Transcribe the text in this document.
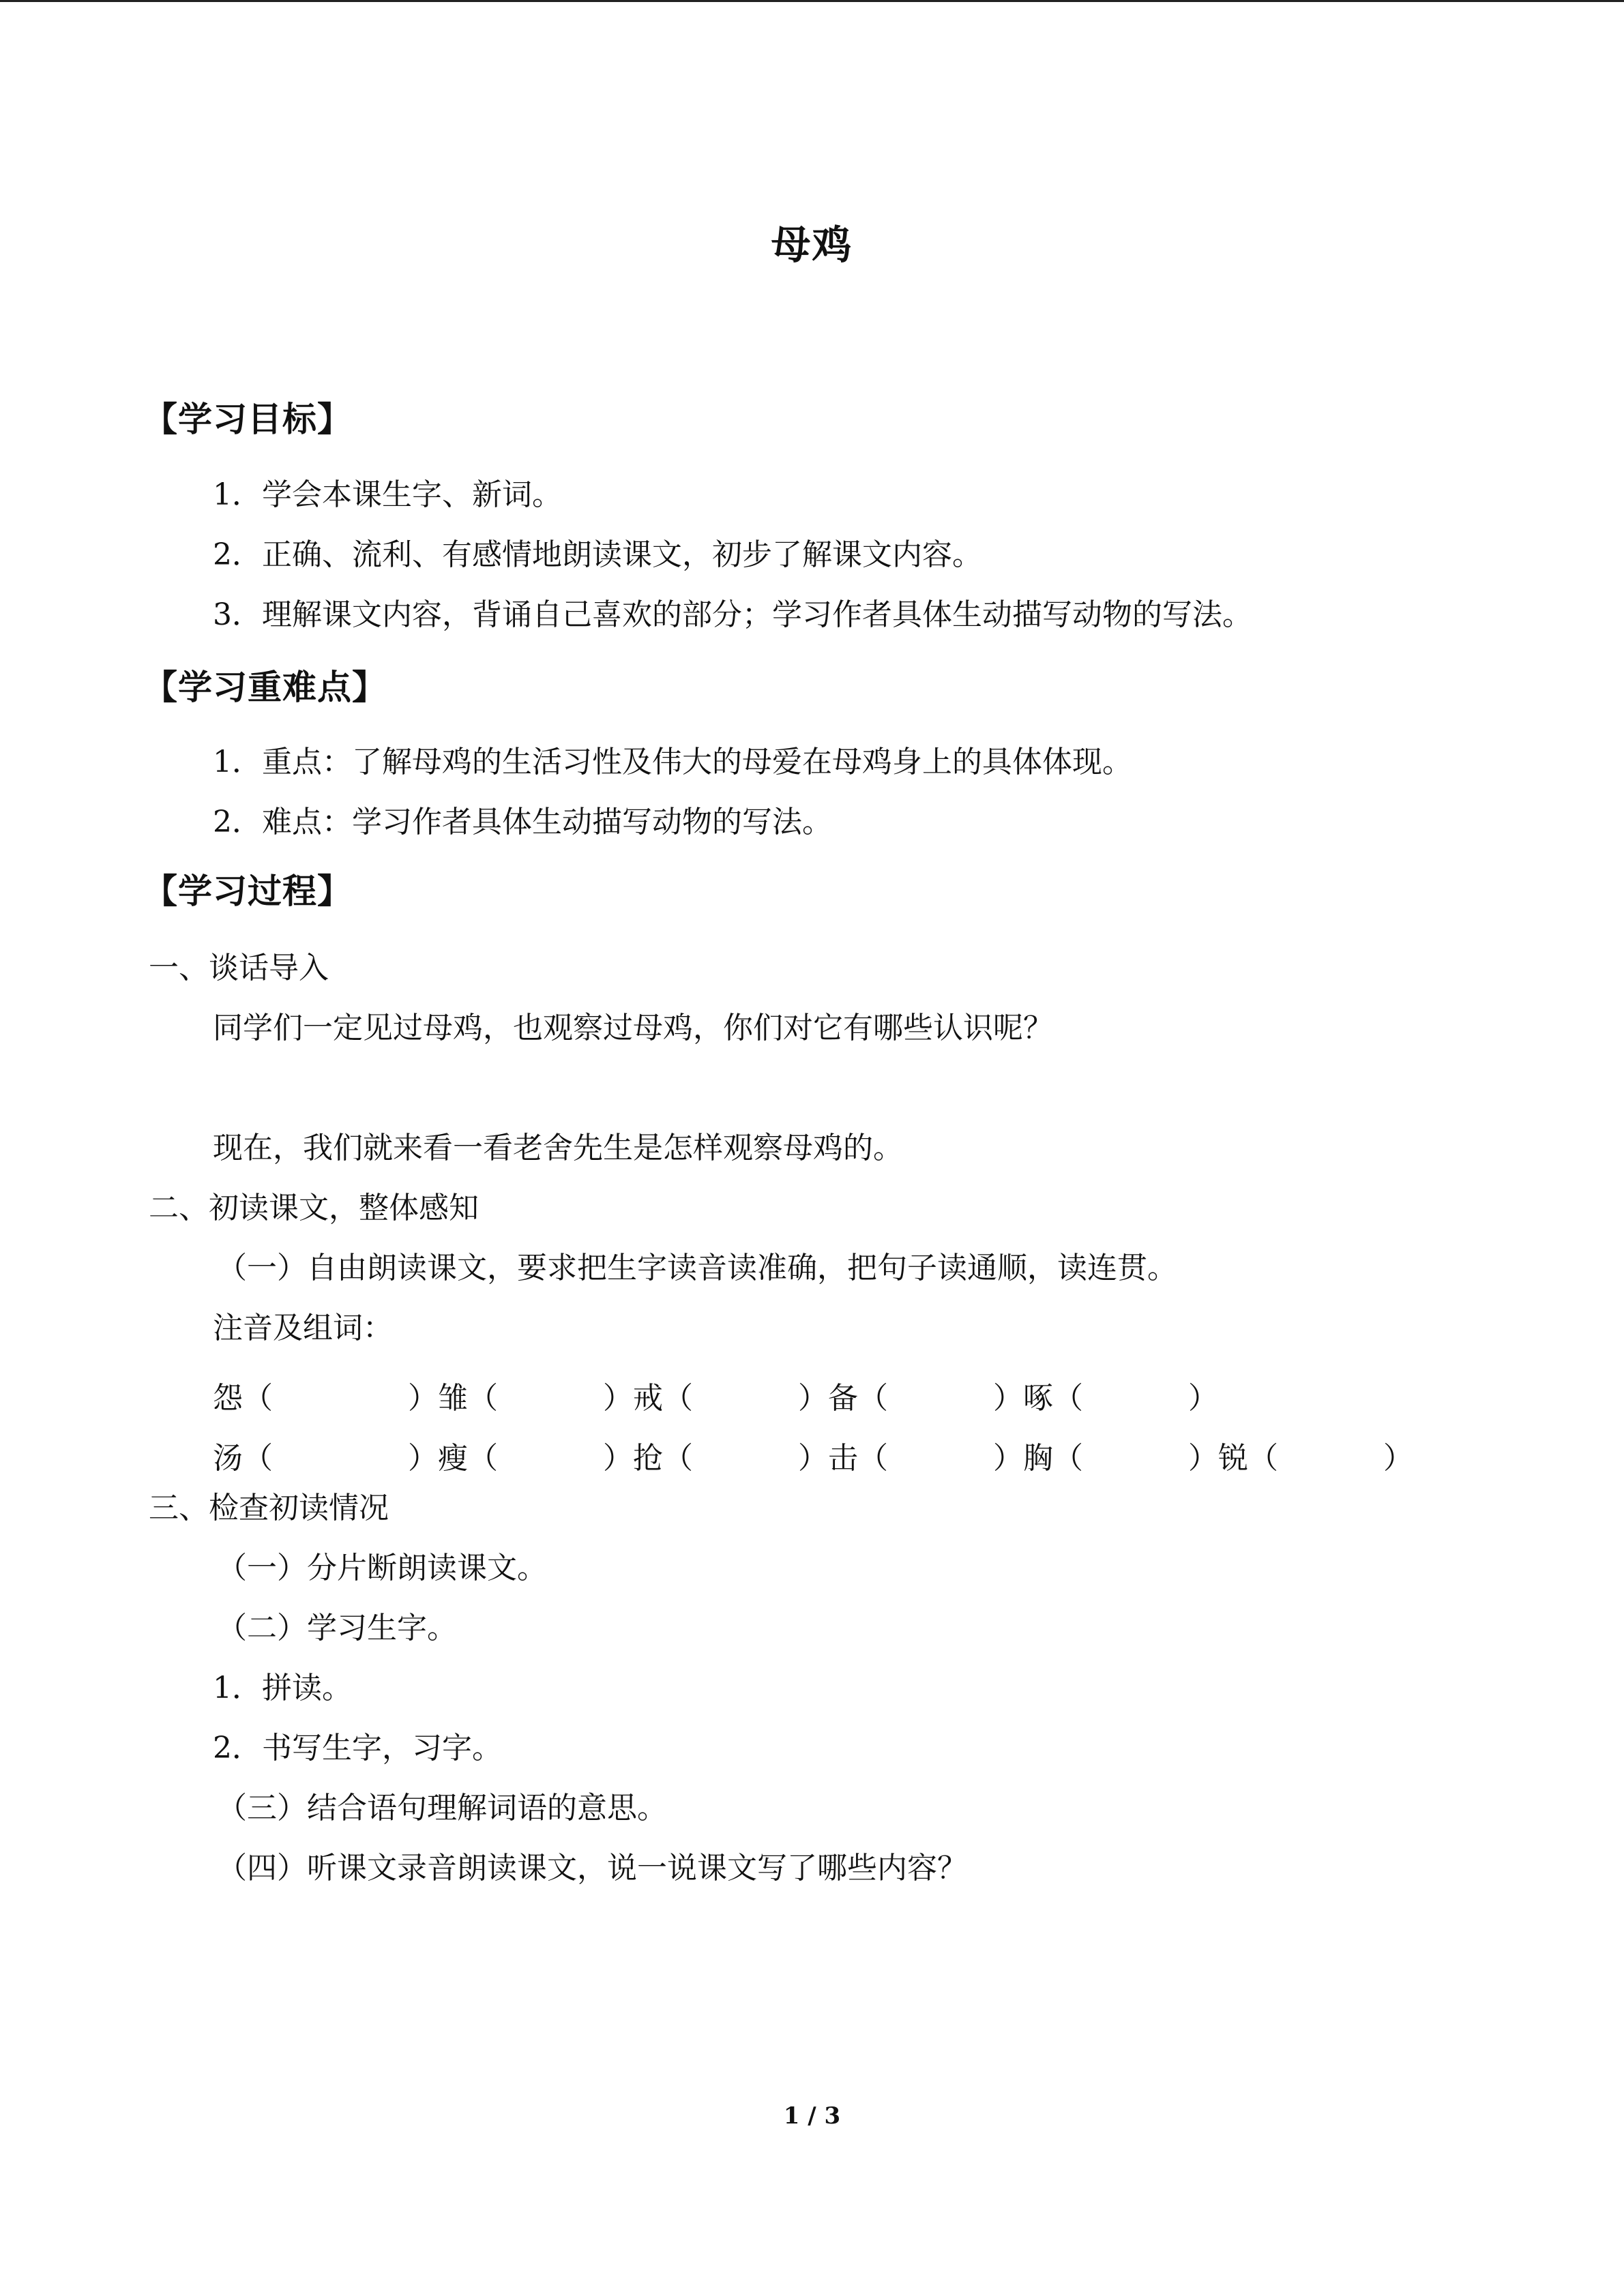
母鸡
【学习目标】
1．学会本课生字、新词。
2．正确、流利、有感情地朗读课文，初步了解课文内容。
3．理解课文内容，背诵自己喜欢的部分；学习作者具体生动描写动物的写法。
【学习重难点】
1．重点：了解母鸡的生活习性及伟大的母爱在母鸡身上的具体体现。
2．难点：学习作者具体生动描写动物的写法。
【学习过程】
一、谈话导入
同学们一定见过母鸡，也观察过母鸡，你们对它有哪些认识呢？
现在，我们就来看一看老舍先生是怎样观察母鸡的。
二、初读课文，整体感知
（一）自由朗读课文，要求把生字读音读准确，把句子读通顺，读连贯。
注音及组词：
怨（	）雏（	）戒（	）备（	）啄（	）
汤（	）瘦（	）抢（	）击（	）胸（	）锐（	）
三、检查初读情况
（一）分片断朗读课文。
（二）学习生字。
1．拼读。
2．书写生字，习字。
（三）结合语句理解词语的意思。
（四）听课文录音朗读课文，说一说课文写了哪些内容？
1 / 3
